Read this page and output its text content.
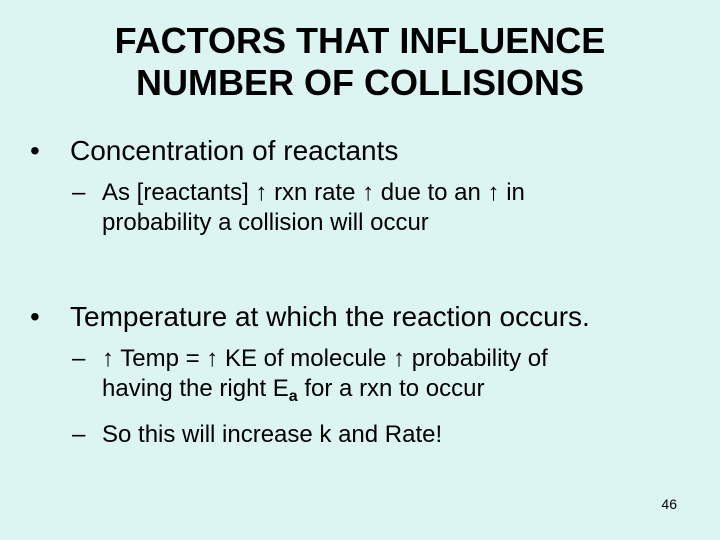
FACTORS THAT INFLUENCE
NUMBER OF COLLISIONS
• Concentration of reactants
– As [reactants] ↑ rxn rate ↑ due to an ↑ in
probability a collision will occur
• Temperature at which the reaction occurs.
– ↑ Temp = ↑ KE of molecule ↑ probability of
having the right $E_a$ for a rxn to occur
– So this will increase k and Rate!
46
